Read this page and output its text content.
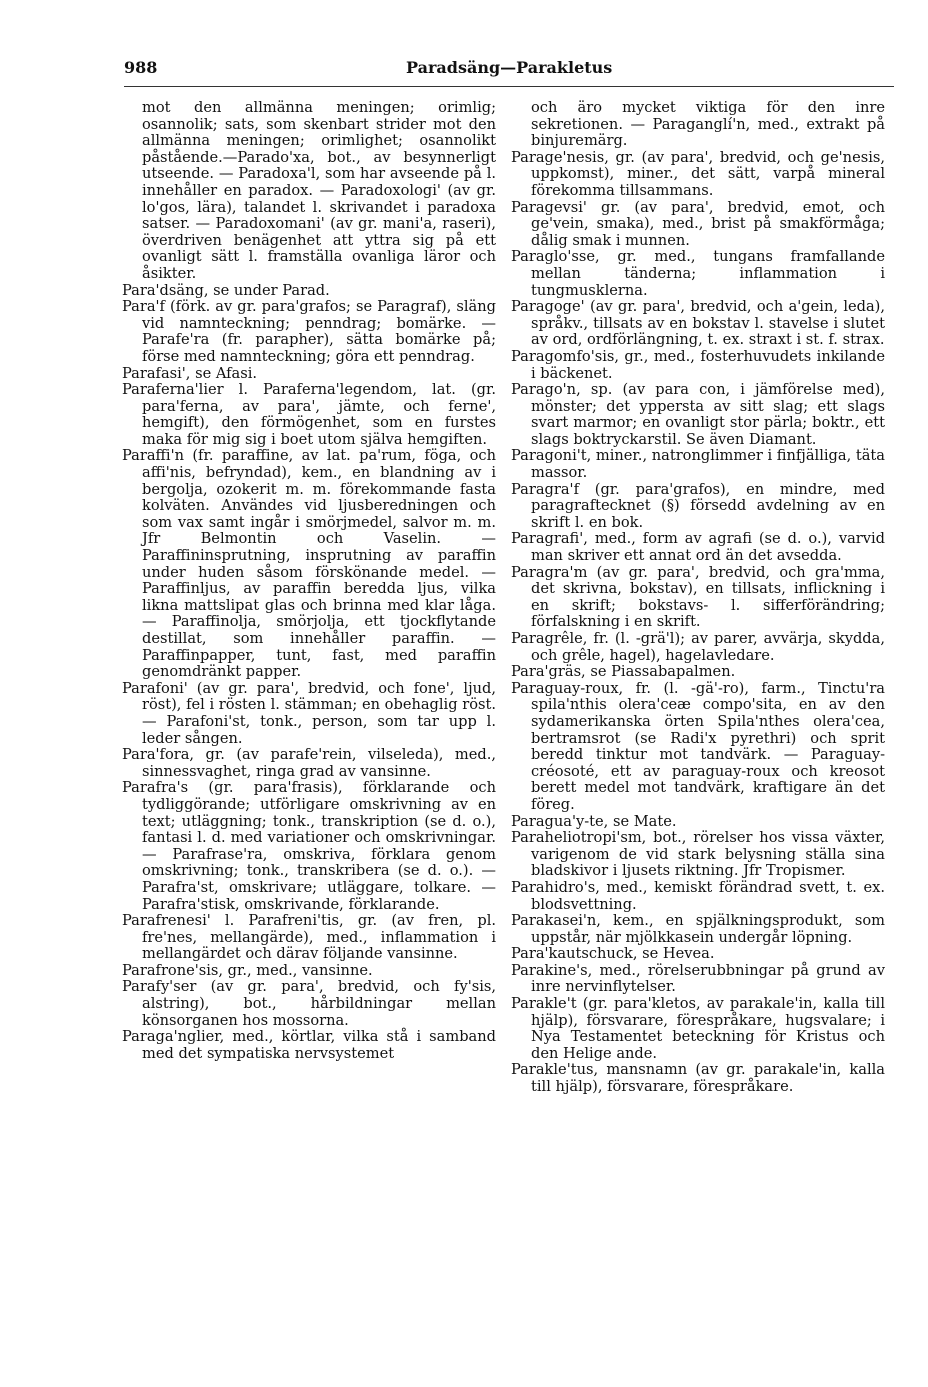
988	Paradsäng—Parakletus

mot den allmänna meningen; orimlig; osannolik; sats, som skenbart strider mot den allmänna meningen; orimlighet; osannolikt påstående.—Parado'xa, bot., av besynnerligt utseende. — Paradoxa'l, som har avseende på l. innehåller en paradox. — Paradoxologi' (av gr. lo'gos, lära), talandet l. skrivandet i paradoxa satser. — Paradoxomani' (av gr. mani'a, raseri), överdriven benägenhet att yttra sig på ett ovanligt sätt l. framställa ovanliga läror och åsikter.

Para'dsäng, se under Parad.

Para'f (förk. av gr. para'grafos; se Paragraf), släng vid namnteckning; penndrag; bomärke. — Parafe'ra (fr. parapher), sätta bomärke på; förse med namnteckning; göra ett penndrag.

Parafasi', se Afasi.

Paraferna'lier l. Paraferna'legendom, lat. (gr. para'ferna, av para', jämte, och ferne', hemgift), den förmögenhet, som en furstes maka för mig sig i boet utom själva hemgiften.

Paraffi'n (fr. paraffine, av lat. pa'rum, föga, och affi'nis, befryndad), kem., en blandning av i bergolja, ozokerit m. m. förekommande fasta kolväten. Användes vid ljusberedningen och som vax samt ingår i smörjmedel, salvor m. m. Jfr Belmontin och Vaselin. — Paraffininsprutning, insprutning av paraffin under huden såsom förskönande medel. — Paraffinljus, av paraffin beredda ljus, vilka likna mattslipat glas och brinna med klar låga. — Paraffinolja, smörjolja, ett tjockflytande destillat, som innehåller paraffin. — Paraffinpapper, tunt, fast, med paraffin genomdränkt papper.

Parafoni' (av gr. para', bredvid, och fone', ljud, röst), fel i rösten l. stämman; en obehaglig röst. — Parafoni'st, tonk., person, som tar upp l. leder sången.

Para'fora, gr. (av parafe'rein, vilseleda), med., sinnessvaghet, ringa grad av vansinne.

Parafra's (gr. para'frasis), förklarande och tydliggörande; utförligare omskrivning av en text; utläggning; tonk., transkription (se d. o.), fantasi l. d. med variationer och omskrivningar. — Parafrase'ra, omskriva, förklara genom omskrivning; tonk., transkribera (se d. o.). — Parafra'st, omskrivare; utläggare, tolkare. — Parafra'stisk, omskrivande, förklarande.

Parafrenesi' l. Parafreni'tis, gr. (av fren, pl. fre'nes, mellangärde), med., inflammation i mellangärdet och därav följande vansinne.

Parafrone'sis, gr., med., vansinne.

Parafy'ser (av gr. para', bredvid, och fy'sis, alstring), bot., hårbildningar mellan könsorganen hos mossorna.

Paraga'nglier, med., körtlar, vilka stå i samband med det sympatiska nervsystemet

och äro mycket viktiga för den inre sekretionen. — Paraganglí'n, med., extrakt på binjuremärg.

Parage'nesis, gr. (av para', bredvid, och ge'nesis, uppkomst), miner., det sätt, varpå mineral förekomma tillsammans.

Paragevsi' gr. (av para', bredvid, emot, och ge'vein, smaka), med., brist på smakförmåga; dålig smak i munnen.

Paraglo'sse, gr. med., tungans framfallande mellan tänderna; inflammation i tungmusklerna.

Paragoge' (av gr. para', bredvid, och a'gein, leda), språkv., tillsats av en bokstav l. stavelse i slutet av ord, ordförlängning, t. ex. straxt i st. f. strax.

Paragomfo'sis, gr., med., fosterhuvudets inkilande i bäckenet.

Parago'n, sp. (av para con, i jämförelse med), mönster; det yppersta av sitt slag; ett slags svart marmor; en ovanligt stor pärla; boktr., ett slags boktryckarstil. Se även Diamant.

Paragoni't, miner., natronglimmer i finfjälliga, täta massor.

Paragra'f (gr. para'grafos), en mindre, med paragraftecknet (§) försedd avdelning av en skrift l. en bok.

Paragrafi', med., form av agrafi (se d. o.), varvid man skriver ett annat ord än det avsedda.

Paragra'm (av gr. para', bredvid, och gra'mma, det skrivna, bokstav), en tillsats, inflickning i en skrift; bokstavs- l. sifferförändring; förfalskning i en skrift.

Paragrêle, fr. (l. -grä'l); av parer, avvärja, skydda, och grêle, hagel), hagelavledare.

Para'gräs, se Piassabapalmen.

Paraguay-roux, fr. (l. -gä'-ro), farm., Tinctu'ra spila'nthis olera'ceæ compo'sita, en av den sydamerikanska örten Spila'nthes olera'cea, bertramsrot (se Radi'x pyrethri) och sprit beredd tinktur mot tandvärk. — Paraguay-créosoté, ett av paraguay-roux och kreosot berett medel mot tandvärk, kraftigare än det föreg.

Paragua'y-te, se Mate.

Paraheliotropi'sm, bot., rörelser hos vissa växter, varigenom de vid stark belysning ställa sina bladskivor i ljusets riktning. Jfr Tropismer.

Parahidro's, med., kemiskt förändrad svett, t. ex. blodsvettning.

Parakasei'n, kem., en spjälkningsprodukt, som uppstår, när mjölkkasein undergår löpning.

Para'kautschuck, se Hevea.

Parakine's, med., rörelserubbningar på grund av inre nervinflytelser.

Parakle't (gr. para'kletos, av parakale'in, kalla till hjälp), försvarare, förespråkare, hugsvalare; i Nya Testamentet beteckning för Kristus och den Helige ande.

Parakle'tus, mansnamn (av gr. parakale'in, kalla till hjälp), försvarare, förespråkare.
